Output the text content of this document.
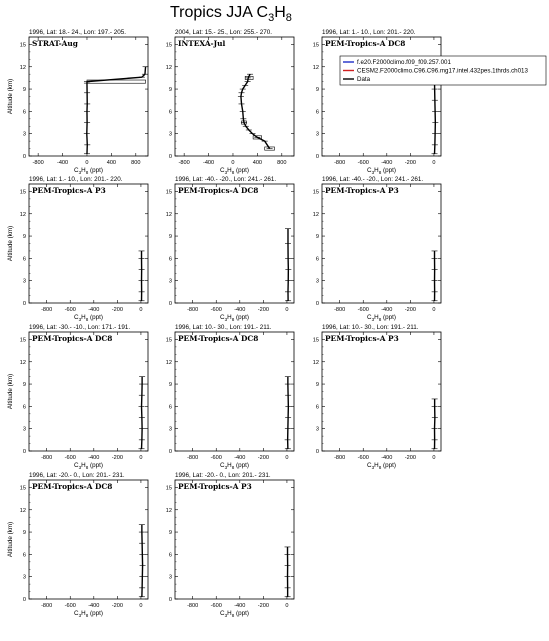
Tropics JJA $C_3H_8$
1996, Lat: 18.- 24., Lon: 197.- 205.
0
3
6
9
12
15
-800 -400	0	400	800
$C_3H_8$ (ppt)
Altitude (km)
STRAT-Aug
2004, Lat: 15.- 25., Lon: 255.- 270.
0
3
6
9
12
15
-800 -400	0	400	800
$C_3H_8$ (ppt)
INTEXA-Jul
1996, Lat: 1.- 10., Lon: 201.- 220.
0
3
6
9
12
15
-800 -600 -400 -200	0
$C_3H_8$ (ppt)
PEM-Tropics-A DC8
1996, Lat: 1.- 10., Lon: 201.- 220.
0
3
6
9
12
15
-800 -600 -400 -200	0
$C_3H_8$ (ppt)
Altitude (km)
PEM-Tropics-A P3
1996, Lat: -40.- -20., Lon: 241.- 261.
0
3
6
9
12
15
-800 -600 -400 -200	0
$C_3H_8$ (ppt)
PEM-Tropics-A DC8
1996, Lat: -40.- -20., Lon: 241.- 261.
0
3
6
9
12
15
-800 -600 -400 -200	0
$C_3H_8$ (ppt)
PEM-Tropics-A P3
1996, Lat: -30.- -10., Lon: 171.- 191.
0
3
6
9
12
15
-800 -600 -400 -200	0
$C_3H_8$ (ppt)
Altitude (km)
PEM-Tropics-A DC8
1996, Lat: 10.- 30., Lon: 191.- 211.
0
3
6
9
12
15
-800 -600 -400 -200	0
$C_3H_8$ (ppt)
PEM-Tropics-A DC8
1996, Lat: 10.- 30., Lon: 191.- 211.
0
3
6
9
12
15
-800 -600 -400 -200	0
$C_3H_8$ (ppt)
PEM-Tropics-A P3
1996, Lat: -20.- 0., Lon: 201.- 231.
0
3
6
9
12
15
-800 -600 -400 -200	0
$C_3H_8$ (ppt)
Altitude (km)
PEM-Tropics-A DC8
1996, Lat: -20.- 0., Lon: 201.- 231.
0
3
6
9
12
15
-800 -600 -400 -200	0
$C_3H_8$ (ppt)
PEM-Tropics-A P3
f.e20.F2000climo.f09_f09.257.001
CESM2.F2000climo.C96.C96.mg17.intel.432pes.1thrds.ch013
Data
